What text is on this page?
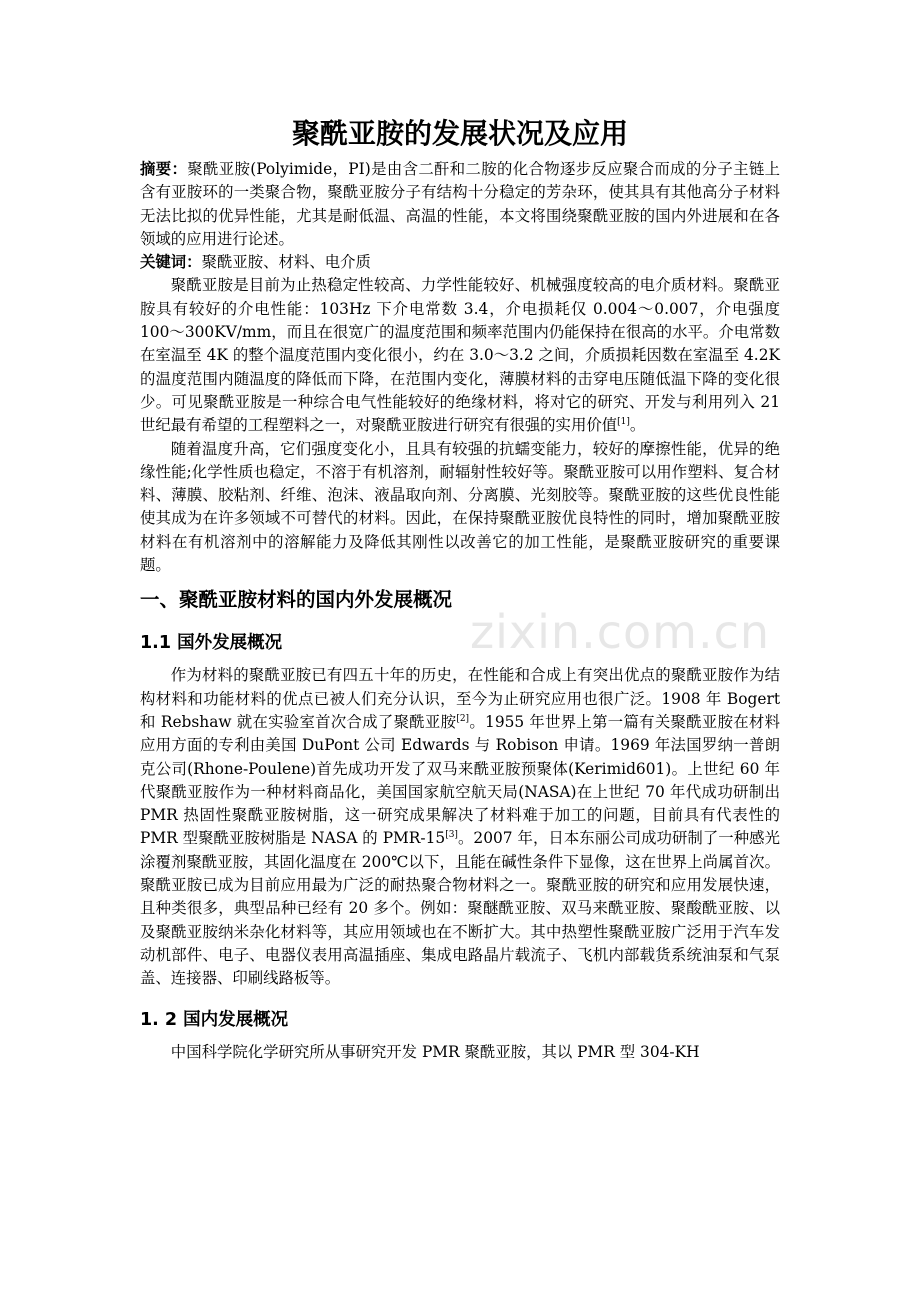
聚酰亚胺的发展状况及应用

摘要：聚酰亚胺(Polyimide，PI)是由含二酐和二胺的化合物逐步反应聚合而成的分子主链上含有亚胺环的一类聚合物，聚酰亚胺分子有结构十分稳定的芳杂环，使其具有其他高分子材料无法比拟的优异性能，尤其是耐低温、高温的性能，本文将围绕聚酰亚胺的国内外进展和在各领域的应用进行论述。

关键词：聚酰亚胺、材料、电介质

聚酰亚胺是目前为止热稳定性较高、力学性能较好、机械强度较高的电介质材料。聚酰亚胺具有较好的介电性能：103Hz 下介电常数 3.4，介电损耗仅 0.004～0.007，介电强度 100～300KV/mm，而且在很宽广的温度范围和频率范围内仍能保持在很高的水平。介电常数在室温至 4K 的整个温度范围内变化很小，约在 3.0～3.2 之间，介质损耗因数在室温至 4.2K 的温度范围内随温度的降低而下降，在范围内变化，薄膜材料的击穿电压随低温下降的变化很少。可见聚酰亚胺是一种综合电气性能较好的绝缘材料，将对它的研究、开发与利用列入 21 世纪最有希望的工程塑料之一，对聚酰亚胺进行研究有很强的实用价值[1]。

随着温度升高，它们强度变化小，且具有较强的抗蠕变能力，较好的摩擦性能，优异的绝缘性能;化学性质也稳定，不溶于有机溶剂，耐辐射性较好等。聚酰亚胺可以用作塑料、复合材料、薄膜、胶粘剂、纤维、泡沫、液晶取向剂、分离膜、光刻胶等。聚酰亚胺的这些优良性能使其成为在许多领域不可替代的材料。因此，在保持聚酰亚胺优良特性的同时，增加聚酰亚胺材料在有机溶剂中的溶解能力及降低其刚性以改善它的加工性能，是聚酰亚胺研究的重要课题。

一、聚酰亚胺材料的国内外发展概况
1.1 国外发展概况

作为材料的聚酰亚胺已有四五十年的历史，在性能和合成上有突出优点的聚酰亚胺作为结构材料和功能材料的优点已被人们充分认识，至今为止研究应用也很广泛。1908 年 Bogert 和 Rebshaw 就在实验室首次合成了聚酰亚胺[2]。1955 年世界上第一篇有关聚酰亚胺在材料应用方面的专利由美国 DuPont 公司 Edwards 与 Robison 申请。1969 年法国罗纳一普朗克公司(Rhone-Poulene)首先成功开发了双马来酰亚胺预聚体(Kerimid601)。上世纪 60 年代聚酰亚胺作为一种材料商品化，美国国家航空航天局(NASA)在上世纪 70 年代成功研制出 PMR 热固性聚酰亚胺树脂，这一研究成果解决了材料难于加工的问题，目前具有代表性的 PMR 型聚酰亚胺树脂是 NASA 的 PMR-15[3]。2007 年，日本东丽公司成功研制了一种感光涂覆剂聚酰亚胺，其固化温度在 200℃以下，且能在碱性条件下显像，这在世界上尚属首次。聚酰亚胺已成为目前应用最为广泛的耐热聚合物材料之一。聚酰亚胺的研究和应用发展快速，且种类很多，典型品种已经有 20 多个。例如：聚醚酰亚胺、双马来酰亚胺、聚酸酰亚胺、以及聚酰亚胺纳米杂化材料等，其应用领域也在不断扩大。其中热塑性聚酰亚胺广泛用于汽车发动机部件、电子、电器仪表用高温插座、集成电路晶片载流子、飞机内部载货系统油泵和气泵盖、连接器、印刷线路板等。

1. 2 国内发展概况

中国科学院化学研究所从事研究开发 PMR 聚酰亚胺，其以 PMR 型 304-KH

zixin.com.cn
